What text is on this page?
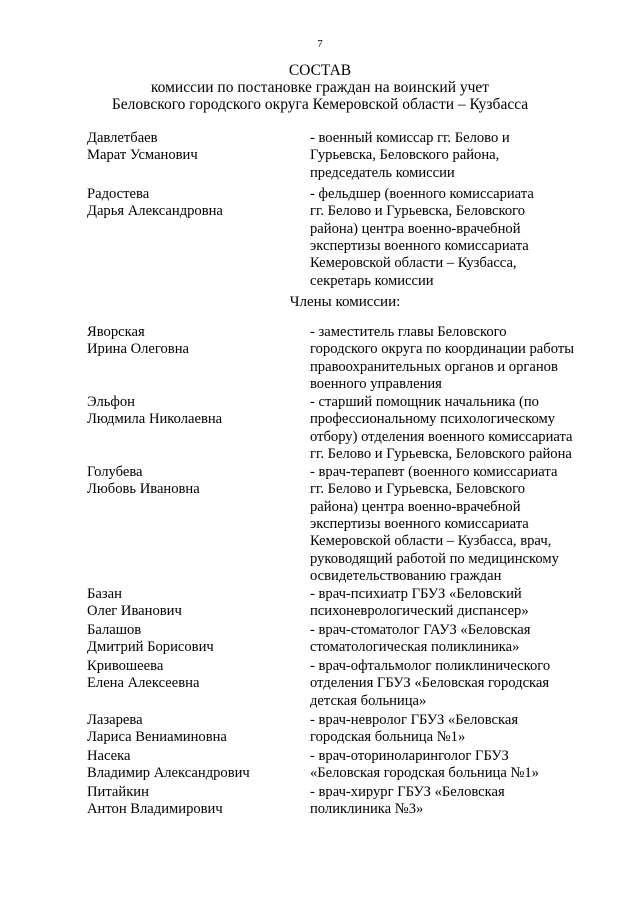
7
СОСТАВ
комиссии по постановке граждан на воинский учет
Беловского городского округа Кемеровской области – Кузбасса
Члены комиссии:
Давлетбаев
Марат Усманович
- военный комиссар гг. Белово и
Гурьевска, Беловского района,
председатель комиссии
Радостева
Дарья Александровна
- фельдшер (военного комиссариата
гг. Белово и Гурьевска, Беловского
района) центра военно-врачебной
экспертизы военного комиссариата
Кемеровской области – Кузбасса,
секретарь комиссии
Яворская
Ирина Олеговна
- заместитель главы Беловского
городского округа по координации работы
правоохранительных органов и органов
военного управления
Эльфон
Людмила Николаевна
- старший помощник начальника (по
профессиональному психологическому
отбору) отделения военного комиссариата
гг. Белово и Гурьевска, Беловского района
Голубева
Любовь Ивановна
- врач-терапевт (военного комиссариата
гг. Белово и Гурьевска, Беловского
района) центра военно-врачебной
экспертизы военного комиссариата
Кемеровской области – Кузбасса, врач,
руководящий работой по медицинскому
освидетельствованию граждан
Базан
Олег Иванович
- врач-психиатр ГБУЗ «Беловский
психоневрологический диспансер»
Балашов
Дмитрий Борисович
- врач-стоматолог ГАУЗ «Беловская
стоматологическая поликлиника»
Кривошеева
Елена Алексеевна
- врач-офтальмолог поликлинического
отделения ГБУЗ «Беловская городская
детская больница»
Лазарева
Лариса Вениаминовна
- врач-невролог ГБУЗ «Беловская
городская больница №1»
Насека
Владимир Александрович
- врач-оториноларинголог ГБУЗ
«Беловская городская больница №1»
Питайкин
Антон Владимирович
- врач-хирург ГБУЗ «Беловская
поликлиника №3»
